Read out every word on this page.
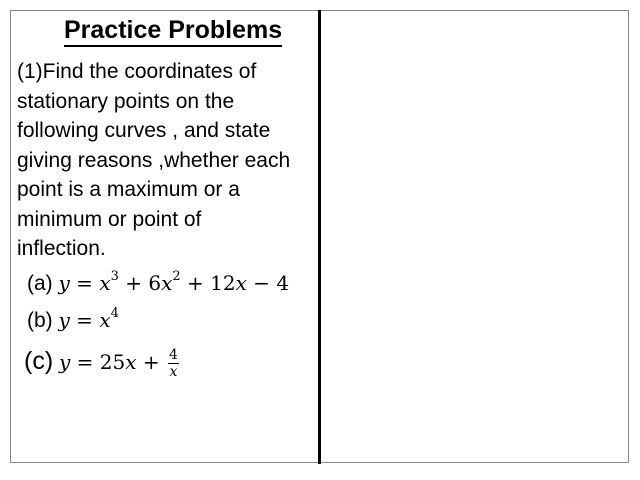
Practice Problems
(1)Find the coordinates of
stationary points on the
following curves , and state
giving reasons ,whether each
point is a maximum or a
minimum or point of
inflection.
(a) $y = x^3 + 6x^2 + 12x - 4$
(b) $y = x^4$
(c) $y = 25x + \frac{4}{x}$
